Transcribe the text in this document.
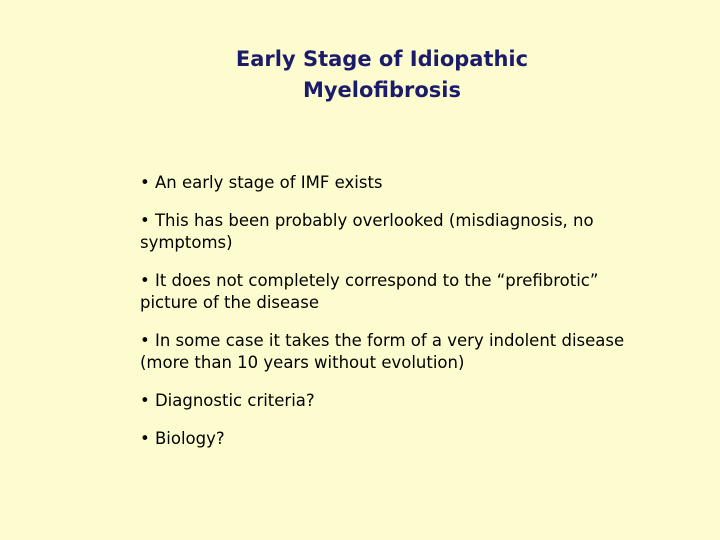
Early Stage of Idiopathic
Myelofibrosis
• An early stage of IMF exists
• This has been probably overlooked (misdiagnosis, no symptoms)
• It does not completely correspond to the “prefibrotic” picture of the disease
• In some case it takes the form of a very indolent disease (more than 10 years without evolution)
• Diagnostic criteria?
• Biology?
